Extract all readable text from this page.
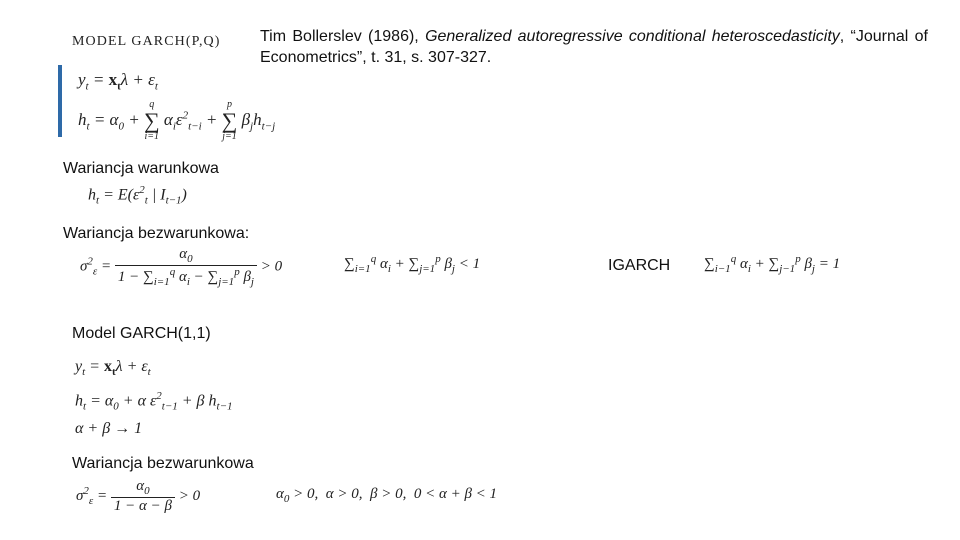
MODEL GARCH(P,Q) Tim Bollerslev (1986), Generalized autoregressive conditional heteroscedasticity, “Journal of Econometrics”, t. 31, s. 307-327.
$y_t = x_t\lambda + \varepsilon_t$
$h_t = \alpha_0$ +
q
∑
i=1
$\alpha_i\varepsilon^2_{t-i}$ +
p
∑
j=1
$\beta_jh_{t-j}$
Wariancja warunkowa
$h_t = E(\varepsilon^2_t$ | $I_{t-1}$)
Wariancja bezwarunkowa:
$\sigma^2_\varepsilon = \frac{\alpha_0}{1 - \sum_{i=1}^q \alpha_i - \sum_{j=1}^p \beta_j} > 0$	$\sum_{i=1}^q$ $\alpha_i + \sum_{j=1}^p$ $\beta_j < 1$	IGARCH $\sum_{i-1}^q$ $\alpha_i + \sum_{j-1}^p$ $\beta_j = 1$
Model GARCH(1,1)
$y_t = x_t\lambda + \varepsilon_t$
$h_t = \alpha_0 + \alpha$ $\varepsilon^2_{t-1} + \beta$ $h_{t-1}$
α + β → 1
Wariancja bezwarunkowa
$\sigma^2_\varepsilon = \frac{\alpha_0}{1 - \alpha - \beta} > 0$	$\alpha_0 > 0$,  α > 0,  β > 0,  0 < α + β < 1
